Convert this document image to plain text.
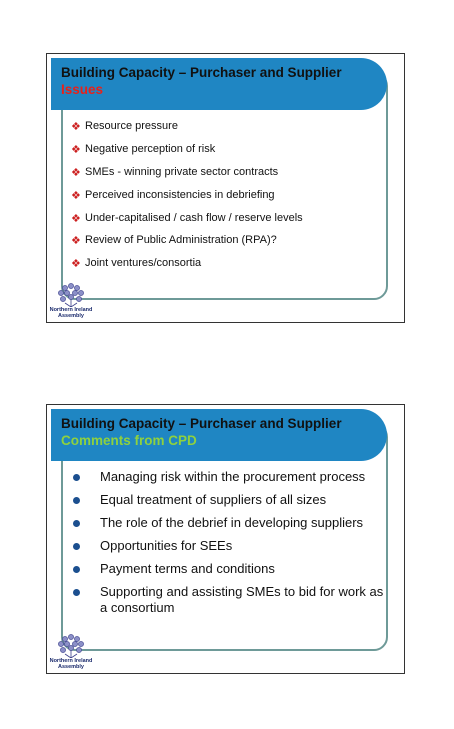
Building Capacity – Purchaser and Supplier

Issues

❖ Resource pressure
❖ Negative perception of risk
❖ SMEs - winning private sector contracts
❖ Perceived inconsistencies in debriefing
❖ Under-capitalised / cash flow / reserve levels
❖ Review of Public Administration (RPA)?
❖ Joint ventures/consortia
Northern Ireland
Assembly

Building Capacity – Purchaser and Supplier

Comments from CPD

Managing risk within the procurement process
Equal treatment of suppliers of all sizes
The role of the debrief in developing suppliers
Opportunities for SEEs
Payment terms and conditions
Supporting and assisting SMEs to bid for work as a consortium
Northern Ireland
Assembly
